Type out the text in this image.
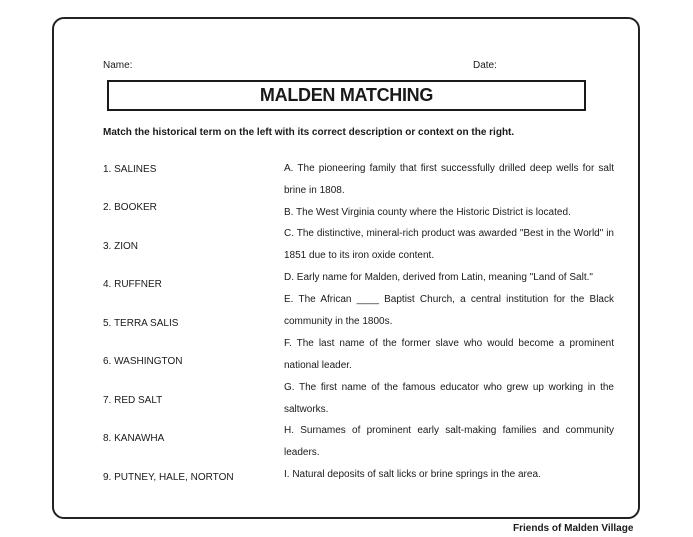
Name:	Date:
MALDEN MATCHING
Match the historical term on the left with its correct description or context on the right.
1. SALINES
2. BOOKER
3. ZION
4. RUFFNER
5. TERRA SALIS
6. WASHINGTON
7. RED SALT
8. KANAWHA
9. PUTNEY, HALE, NORTON
A. The pioneering family that first successfully drilled deep wells for salt brine in 1808.
B. The West Virginia county where the Historic District is located.
C. The distinctive, mineral-rich product was awarded "Best in the World" in 1851 due to its iron oxide content.
D. Early name for Malden, derived from Latin, meaning "Land of Salt."
E. The African ____ Baptist Church, a central institution for the Black community in the 1800s.
F. The last name of the former slave who would become a prominent national leader.
G. The first name of the famous educator who grew up working in the saltworks.
H. Surnames of prominent early salt-making families and community leaders.
I. Natural deposits of salt licks or brine springs in the area.
Friends of Malden Village
